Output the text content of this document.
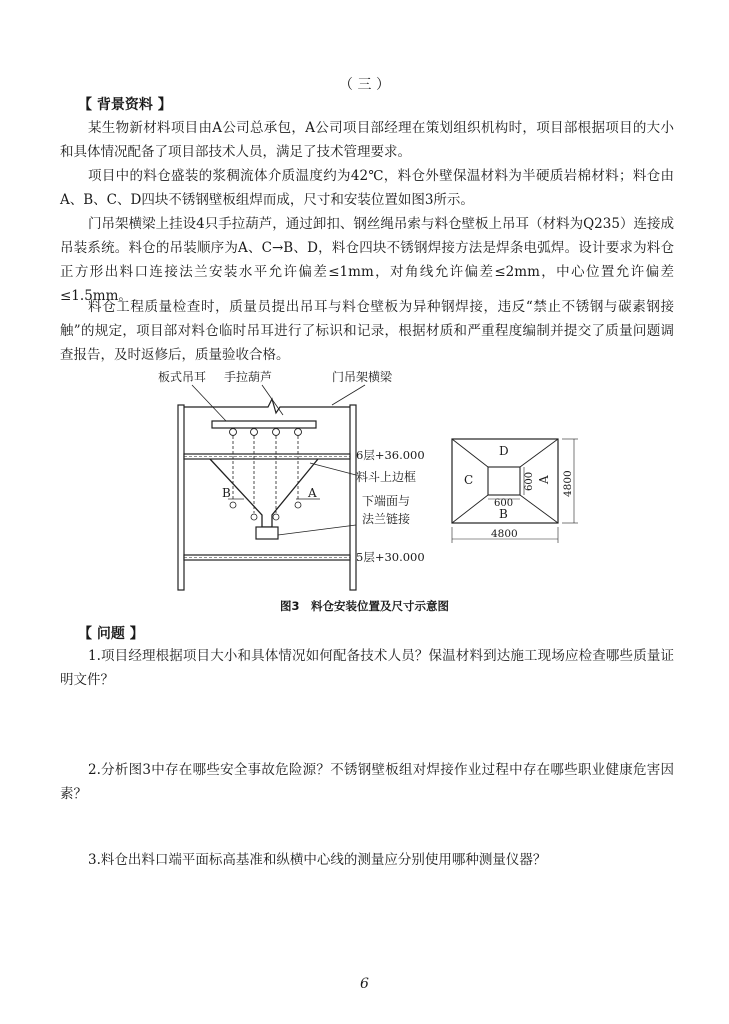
（ 三 ）
【 背景资料 】

某生物新材料项目由A公司总承包，A公司项目部经理在策划组织机构时，项目部根据项目的大小和具体情况配备了项目部技术人员，满足了技术管理要求。

项目中的料仓盛装的浆稠流体介质温度约为42℃，料仓外壁保温材料为半硬质岩棉材料；料仓由A、B、C、D四块不锈钢壁板组焊而成，尺寸和安装位置如图3所示。

门吊架横梁上挂设4只手拉葫芦，通过卸扣、钢丝绳吊索与料仓壁板上吊耳（材料为Q235）连接成吊装系统。料仓的吊装顺序为A、C→B、D，料仓四块不锈钢焊接方法是焊条电弧焊。设计要求为料仓正方形出料口连接法兰安装水平允许偏差≤1mm，对角线允许偏差≤2mm，中心位置允许偏差≤1.5mm。

料仓工程质量检查时，质量员提出吊耳与料仓壁板为异种钢焊接，违反“禁止不锈钢与碳素钢接触”的规定，项目部对料仓临时吊耳进行了标识和记录，根据材质和严重程度编制并提交了质量问题调查报告，及时返修后，质量验收合格。

板式吊耳 手拉葫芦	门吊架横梁
B	A
6层+36.000
料斗上边框
下端面与
法兰链接
5层+30.000
D
C
B
A
600
600
4800
4800
图3　料仓安装位置及尺寸示意图
【 问题 】

1.项目经理根据项目大小和具体情况如何配备技术人员？保温材料到达施工现场应检查哪些质量证明文件？

2.分析图3中存在哪些安全事故危险源？不锈钢壁板组对焊接作业过程中存在哪些职业健康危害因素？

3.料仓出料口端平面标高基准和纵横中心线的测量应分别使用哪种测量仪器？

6
